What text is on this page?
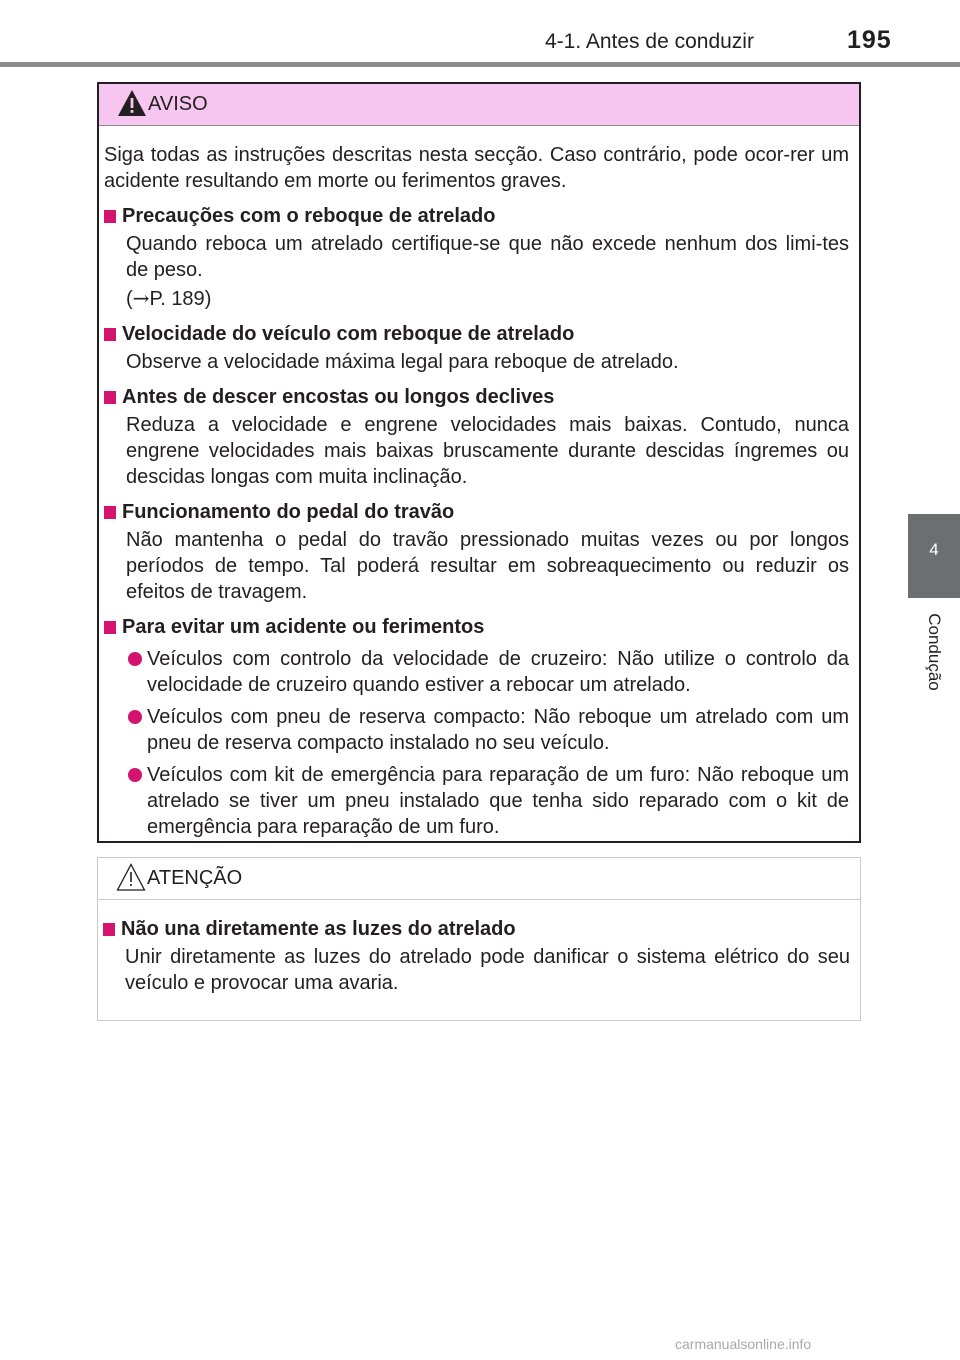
4-1. Antes de conduzir	195
4
Condução
AVISO

Siga todas as instruções descritas nesta secção. Caso contrário, pode ocor-rer um acidente resultando em morte ou ferimentos graves.

Precauções com o reboque de atrelado
Quando reboca um atrelado certifique-se que não excede nenhum dos limi-tes de peso.
(→P. 189)
Velocidade do veículo com reboque de atrelado
Observe a velocidade máxima legal para reboque de atrelado.
Antes de descer encostas ou longos declives
Reduza a velocidade e engrene velocidades mais baixas. Contudo, nunca engrene velocidades mais baixas bruscamente durante descidas íngremes ou descidas longas com muita inclinação.
Funcionamento do pedal do travão
Não mantenha o pedal do travão pressionado muitas vezes ou por longos períodos de tempo. Tal poderá resultar em sobreaquecimento ou reduzir os efeitos de travagem.
Para evitar um acidente ou ferimentos
Veículos com controlo da velocidade de cruzeiro: Não utilize o controlo da velocidade de cruzeiro quando estiver a rebocar um atrelado.
Veículos com pneu de reserva compacto: Não reboque um atrelado com um pneu de reserva compacto instalado no seu veículo.
Veículos com kit de emergência para reparação de um furo: Não reboque um atrelado se tiver um pneu instalado que tenha sido reparado com o kit de emergência para reparação de um furo.
ATENÇÃO
Não una diretamente as luzes do atrelado
Unir diretamente as luzes do atrelado pode danificar o sistema elétrico do seu veículo e provocar uma avaria.
carmanualsonline.info
